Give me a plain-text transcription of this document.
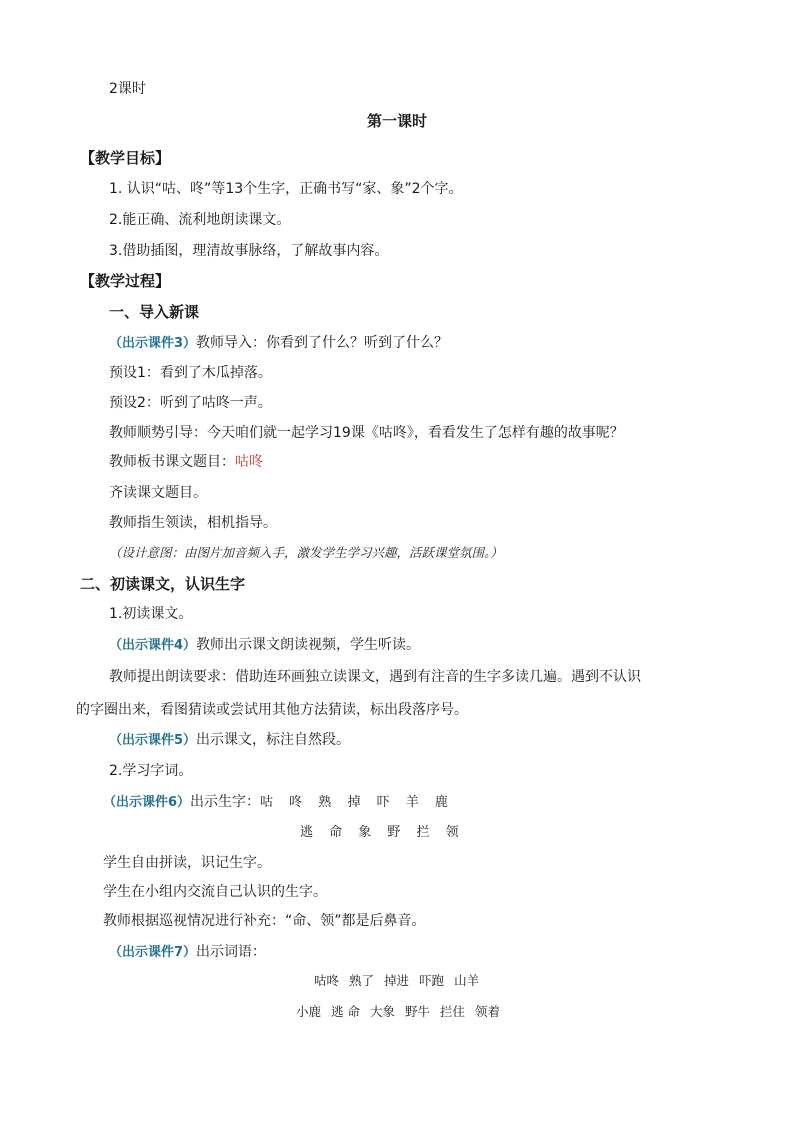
2课时
第一课时
【教学目标】
1. 认识“咕、咚”等13个生字，正确书写“家、象”2个字。
2.能正确、流利地朗读课文。
3.借助插图，理清故事脉络，了解故事内容。
【教学过程】
一、导入新课
（出示课件3）教师导入：你看到了什么？听到了什么？
预设1：看到了木瓜掉落。
预设2：听到了咕咚一声。
教师顺势引导：今天咱们就一起学习19课《咕咚》，看看发生了怎样有趣的故事呢？
教师板书课文题目：咕咚
齐读课文题目。
教师指生领读，相机指导。
（设计意图：由图片加音频入手，激发学生学习兴趣，活跃课堂氛围。）
二、初读课文，认识生字
1.初读课文。
（出示课件4）教师出示课文朗读视频，学生听读。
教师提出朗读要求：借助连环画独立读课文，遇到有注音的生字多读几遍。遇到不认识
的字圈出来，看图猜读或尝试用其他方法猜读，标出段落序号。
（出示课件5）出示课文，标注自然段。
2.学习字词。
（出示课件6）出示生字：咕 咚 熟 掉 吓 羊 鹿
逃 命 象 野 拦 领
学生自由拼读，识记生字。
学生在小组内交流自己认识的生字。
教师根据巡视情况进行补充：“命、领”都是后鼻音。
（出示课件7）出示词语：
咕咚 熟了 掉进 吓跑 山羊
小鹿 逃 命 大象 野牛 拦住 领着
